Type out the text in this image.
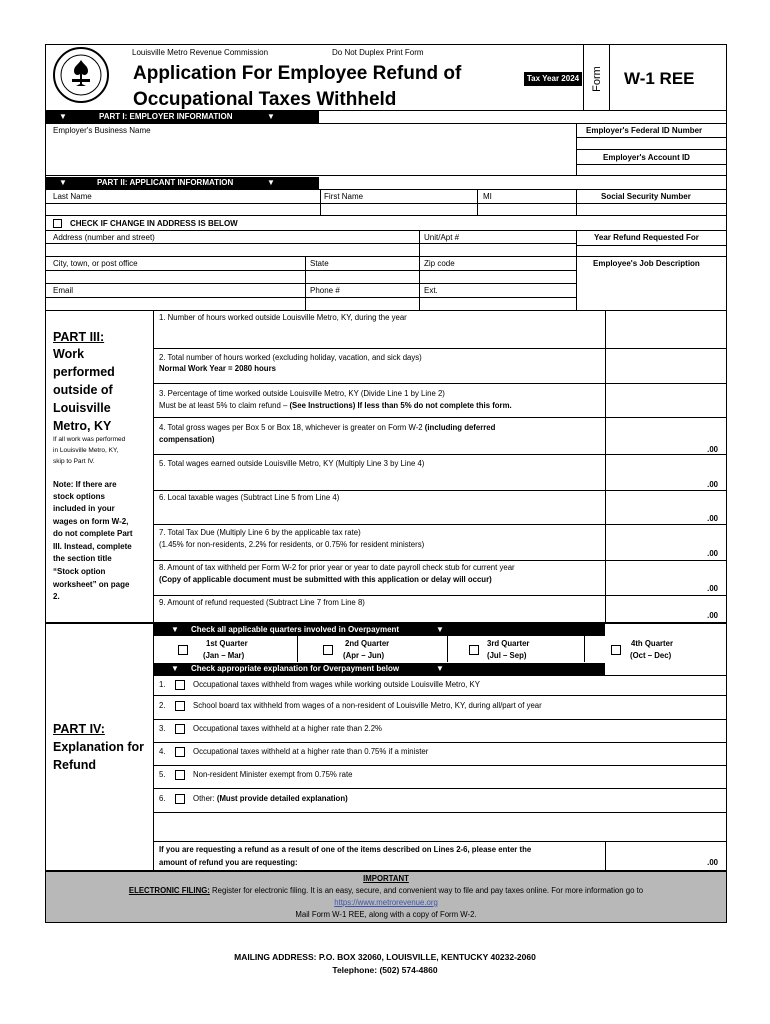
Louisville Metro Revenue Commission	Do Not Duplex Print Form
Application For Employee Refund of
Occupational Taxes Withheld
Tax Year 2024 Form W-1 REE
▼	PART I: EMPLOYER INFORMATION	▼
Employer's Business Name	Employer's Federal ID Number
Employer's Account ID
▼	PART II: APPLICANT INFORMATION	▼
Last Name	First Name	MI	Social Security Number
CHECK IF CHANGE IN ADDRESS IS BELOW
Address (number and street)	Unit/Apt #	Year Refund Requested For
City, town, or post office	State	Zip code	Employee's Job Description
Email	Phone #	Ext.
PART III:
Work
performed
outside of
Louisville
Metro, KY
If all work was performed
in Louisville Metro, KY,
skip to Part IV.
Note: If there are
stock options
included in your
wages on form W-2,
do not complete Part
III. Instead, complete
the section title
“Stock option
worksheet” on page
2.
1. Number of hours worked outside Louisville Metro, KY, during the year
2. Total number of hours worked (excluding holiday, vacation, and sick days)
Normal Work Year = 2080 hours
3. Percentage of time worked outside Louisville Metro, KY (Divide Line 1 by Line 2)
Must be at least 5% to claim refund – (See Instructions) If less than 5% do not complete this form.
4. Total gross wages per Box 5 or Box 18, whichever is greater on Form W-2 (including deferred
compensation)
.00
5. Total wages earned outside Louisville Metro, KY (Multiply Line 3 by Line 4)
.00
6. Local taxable wages (Subtract Line 5 from Line 4)
.00
7. Total Tax Due (Multiply Line 6 by the applicable tax rate)
(1.45% for non-residents, 2.2% for residents, or 0.75% for resident ministers)
.00
8. Amount of tax withheld per Form W-2 for prior year or year to date payroll check stub for current year
(Copy of applicable document must be submitted with this application or delay will occur)
.00
9. Amount of refund requested (Subtract Line 7 from Line 8)
.00
PART IV:
Explanation for
Refund
▼ Check all applicable quarters involved in Overpayment	▼
1st Quarter
(Jan – Mar)
2nd Quarter
(Apr – Jun)
3rd Quarter
(Jul – Sep)
4th Quarter
(Oct – Dec)
▼ Check appropriate explanation for Overpayment below	▼
1.	Occupational taxes withheld from wages while working outside Louisville Metro, KY
2.	School board tax withheld from wages of a non-resident of Louisville Metro, KY, during all/part of year
3.	Occupational taxes withheld at a higher rate than 2.2%
4.	Occupational taxes withheld at a higher rate than 0.75% if a minister
5.	Non-resident Minister exempt from 0.75% rate
6.	Other: (Must provide detailed explanation)
If you are requesting a refund as a result of one of the items described on Lines 2-6, please enter the
amount of refund you are requesting:	.00
IMPORTANT
ELECTRONIC FILING: Register for electronic filing. It is an easy, secure, and convenient way to file and pay taxes online. For more information go to
https://www.metrorevenue.org
Mail Form W-1 REE, along with a copy of Form W-2.
MAILING ADDRESS: P.O. BOX 32060, LOUISVILLE, KENTUCKY 40232-2060
Telephone: (502) 574-4860
